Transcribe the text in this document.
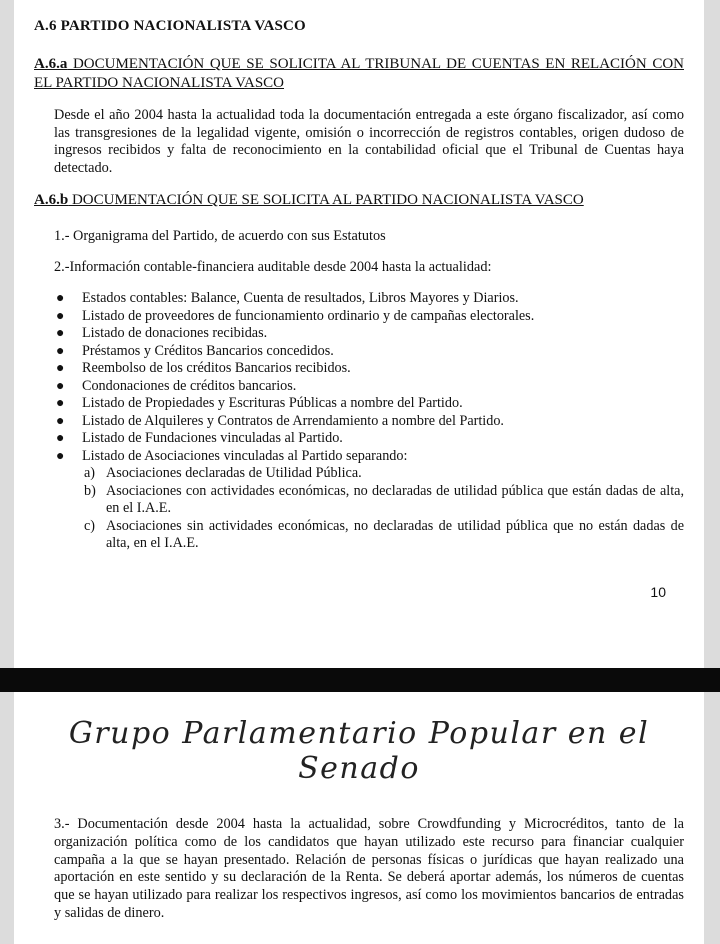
A.6 PARTIDO NACIONALISTA VASCO
A.6.a DOCUMENTACIÓN QUE SE SOLICITA AL TRIBUNAL DE CUENTAS EN RELACIÓN CON EL PARTIDO NACIONALISTA VASCO
Desde el año 2004 hasta la actualidad toda la documentación entregada a este órgano fiscalizador, así como las transgresiones de la legalidad vigente, omisión o incorrección de registros contables, origen dudoso de ingresos recibidos y falta de reconocimiento en la contabilidad oficial que el Tribunal de Cuentas haya detectado.
A.6.b DOCUMENTACIÓN QUE SE SOLICITA AL PARTIDO NACIONALISTA VASCO
1.- Organigrama del Partido, de acuerdo con sus Estatutos
2.-Información contable-financiera auditable desde 2004 hasta la actualidad:
● Estados contables: Balance, Cuenta de resultados, Libros Mayores y Diarios.
● Listado de proveedores de funcionamiento ordinario y de campañas electorales.
● Listado de donaciones recibidas.
● Préstamos y Créditos Bancarios concedidos.
● Reembolso de los créditos Bancarios recibidos.
● Condonaciones de créditos bancarios.
● Listado de Propiedades y Escrituras Públicas a nombre del Partido.
● Listado de Alquileres y Contratos de Arrendamiento a nombre del Partido.
● Listado de Fundaciones vinculadas al Partido.
● Listado de Asociaciones vinculadas al Partido separando:
a) Asociaciones declaradas de Utilidad Pública.
b) Asociaciones con actividades económicas, no declaradas de utilidad pública que están dadas de alta, en el I.A.E.
c) Asociaciones sin actividades económicas, no declaradas de utilidad pública que no están dadas de alta, en el I.A.E.
10
Grupo Parlamentario Popular en el Senado
3.- Documentación desde 2004 hasta la actualidad, sobre Crowdfunding y Microcréditos, tanto de la organización política como de los candidatos que hayan utilizado este recurso para financiar cualquier campaña a la que se hayan presentado. Relación de personas físicas o jurídicas que hayan realizado una aportación en este sentido y su declaración de la Renta. Se deberá aportar además, los números de cuentas que se hayan utilizado para realizar los respectivos ingresos, así como los movimientos bancarios de entradas y salidas de dinero.
